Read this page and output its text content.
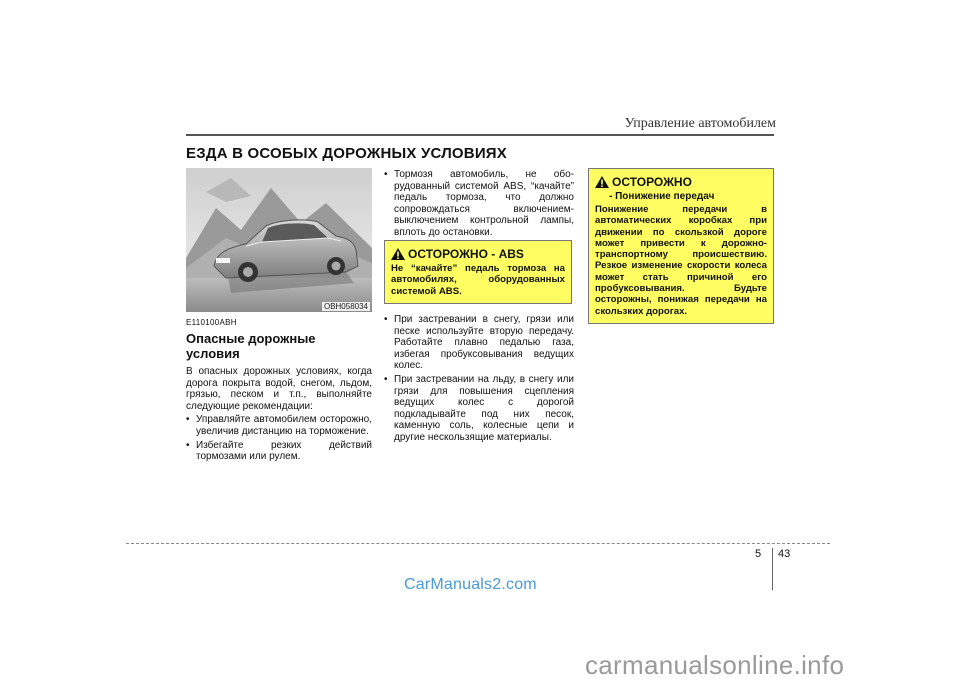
Управление автомобилем
ЕЗДА В ОСОБЫХ ДОРОЖНЫХ УСЛОВИЯХ
OBH058034
E110100ABH
Опасные дорожные условия

В опасных дорожных условиях, когда дорога покрыта водой, снегом, льдом, грязью, песком и т.п., выполняйте следующие рекомендации:

• Управляйте автомобилем осторожно, увеличив дистанцию на торможение.
• Избегайте резких действий тормозами или рулем.
• Тормозя автомобиль, не обо-рудованный системой ABS, “качайте” педаль тормоза, что должно сопровождаться включением-выключением контрольной лампы, вплоть до остановки.
ОСТОРОЖНО - ABS
Не “качайте” педаль тормоза на автомобилях, оборудованных системой ABS.
• При застревании в снегу, грязи или песке используйте вторую передачу. Работайте плавно педалью газа, избегая пробуксовывания ведущих колес.
• При застревании на льду, в снегу или грязи для повышения сцепления ведущих колес с дорогой подкладывайте под них песок, каменную соль, колесные цепи и другие нескользящие материалы.
ОСТОРОЖНО
- Понижение передач
Понижение передачи в автоматических коробках при движении по скользкой дороге может привести к дорожно-транспортному происшествию. Резкое изменение скорости колеса может стать причиной его пробуксовывания. Будьте осторожны, понижая передачи на скользких дорогах.
5 43
CarManuals2.com
carmanualsonline.info
